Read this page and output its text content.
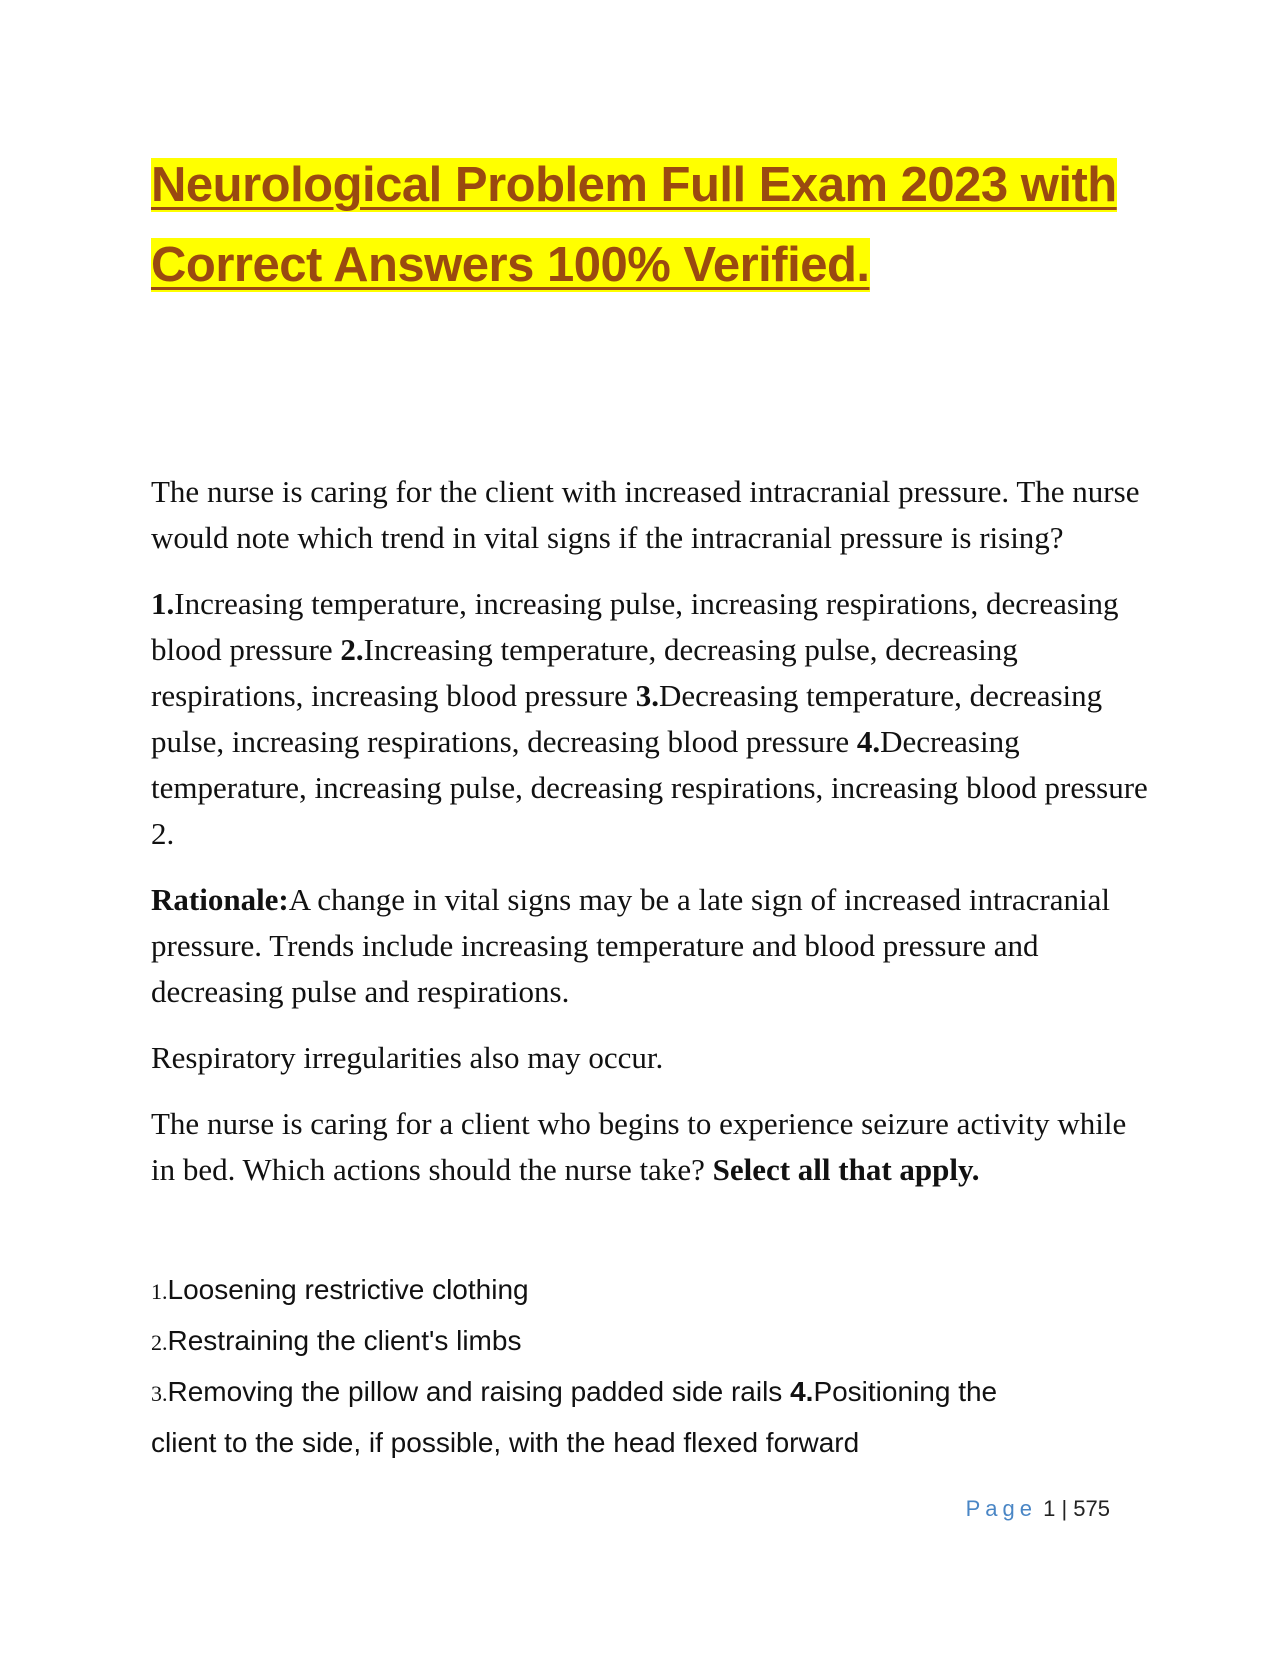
Neurological Problem Full Exam 2023 with
Correct Answers 100% Verified.

The nurse is caring for the client with increased intracranial pressure. The nurse would note which trend in vital signs if the intracranial pressure is rising?

1.Increasing temperature, increasing pulse, increasing respirations, decreasing blood pressure 2.Increasing temperature, decreasing pulse, decreasing respirations, increasing blood pressure 3.Decreasing temperature, decreasing pulse, increasing respirations, decreasing blood pressure 4.Decreasing temperature, increasing pulse, decreasing respirations, increasing blood pressure 2.

Rationale:A change in vital signs may be a late sign of increased intracranial pressure. Trends include increasing temperature and blood pressure and decreasing pulse and respirations.

Respiratory irregularities also may occur.

The nurse is caring for a client who begins to experience seizure activity while in bed. Which actions should the nurse take? Select all that apply.

1.Loosening restrictive clothing
2.Restraining the client's limbs
3.Removing the pillow and raising padded side rails 4.Positioning the client to the side, if possible, with the head flexed forward
Page 1 | 575
